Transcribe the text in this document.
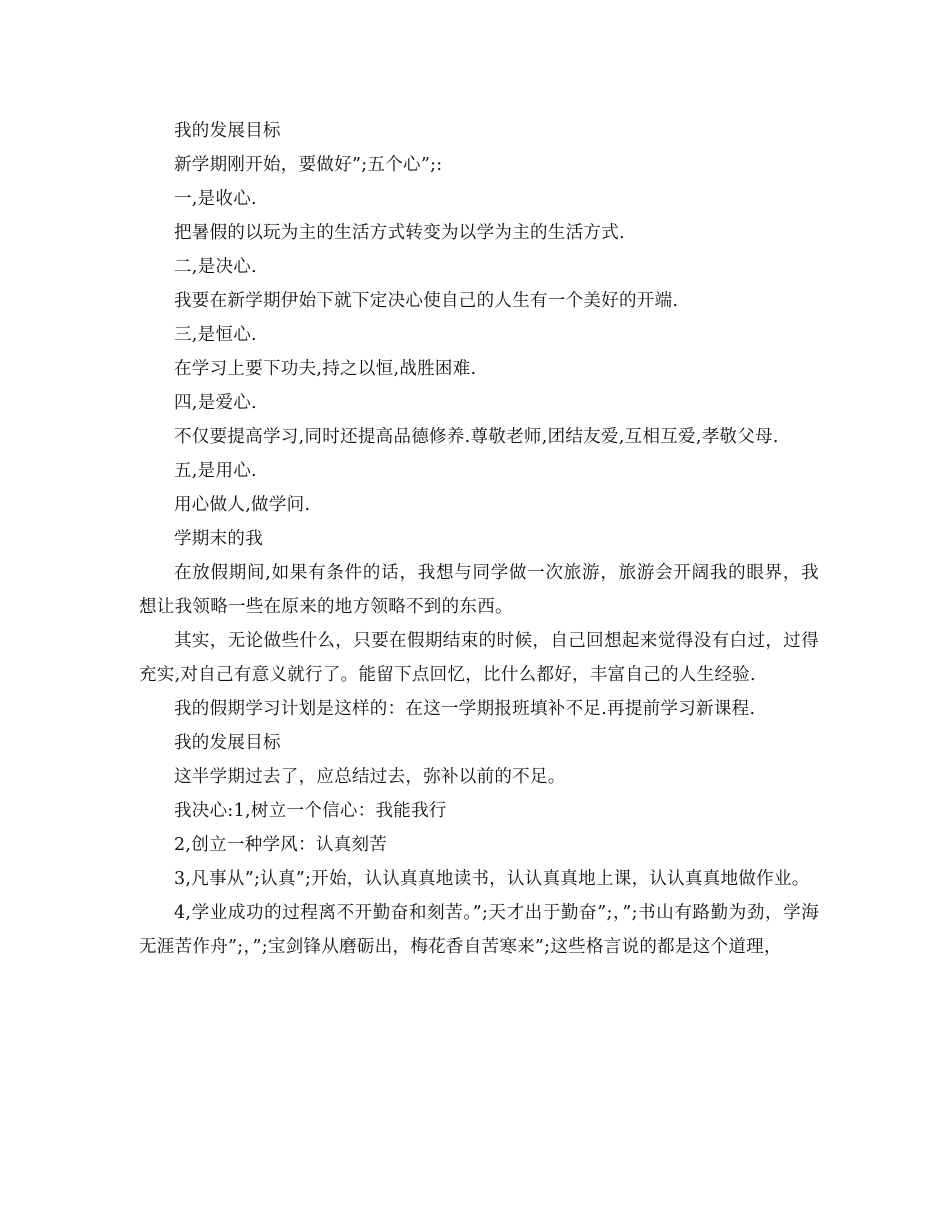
我的发展目标

新学期刚开始，要做好”;五个心”;:

一,是收心.

把暑假的以玩为主的生活方式转变为以学为主的生活方式.

二,是决心.

我要在新学期伊始下就下定决心使自己的人生有一个美好的开端.

三,是恒心.

在学习上要下功夫,持之以恒,战胜困难.

四,是爱心.

不仅要提高学习,同时还提高品德修养.尊敬老师,团结友爱,互相互爱,孝敬父母.

五,是用心.

用心做人,做学问.

学期末的我

在放假期间,如果有条件的话，我想与同学做一次旅游，旅游会开阔我的眼界，我想让我领略一些在原来的地方领略不到的东西。

其实，无论做些什么，只要在假期结束的时候，自己回想起来觉得没有白过，过得充实,对自己有意义就行了。能留下点回忆，比什么都好，丰富自己的人生经验.

我的假期学习计划是这样的：在这一学期报班填补不足.再提前学习新课程.

我的发展目标

这半学期过去了，应总结过去，弥补以前的不足。

我决心:1,树立一个信心：我能我行

2,创立一种学风：认真刻苦

3,凡事从”;认真”;开始，认认真真地读书，认认真真地上课，认认真真地做作业。

4,学业成功的过程离不开勤奋和刻苦。”;天才出于勤奋”;，”;书山有路勤为劲，学海无涯苦作舟”;，”;宝剑锋从磨砺出，梅花香自苦寒来”;这些格言说的都是这个道理，
